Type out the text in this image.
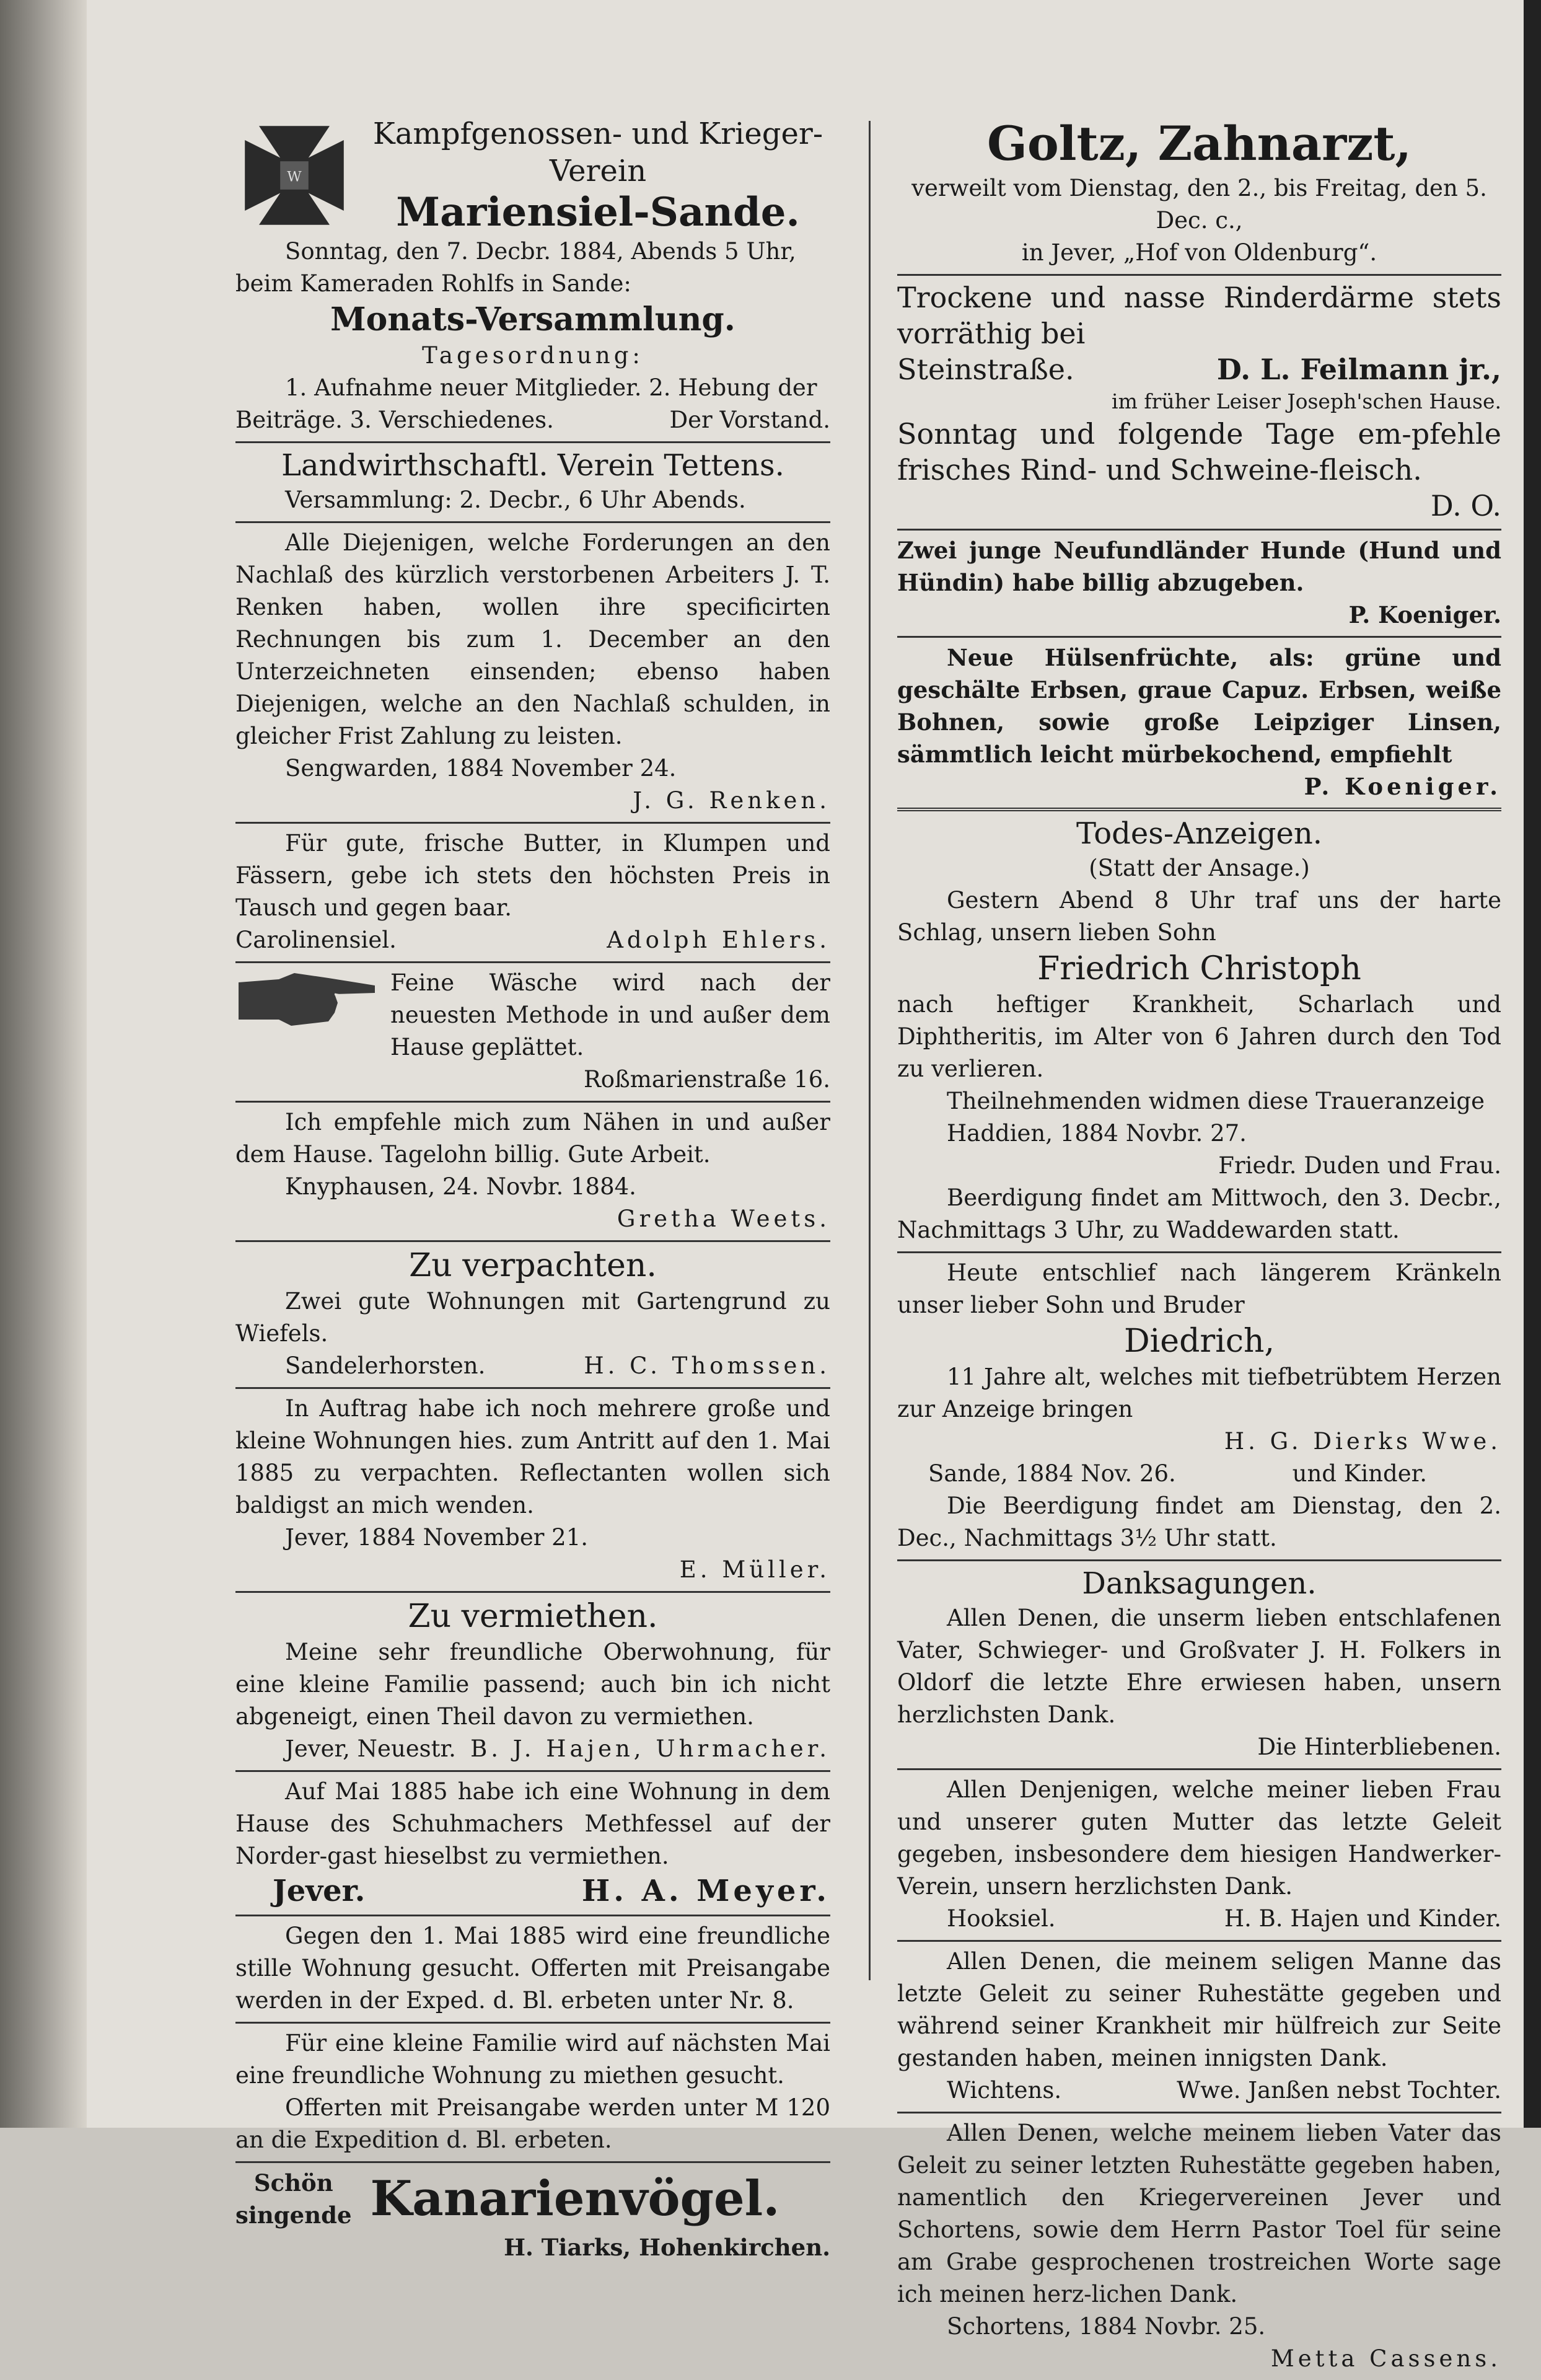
W

Kampfgenossen- und Krieger-

Verein

Mariensiel-Sande.

Sonntag, den 7. Decbr. 1884, Abends 5 Uhr,

beim Kameraden Rohlfs in Sande:

Monats-Versammlung.

Tagesordnung:

1. Aufnahme neuer Mitglieder. 2. Hebung der

Beiträge. 3. Verschiedenes.	Der Vorstand.

Landwirthschaftl. Verein Tettens.

Versammlung: 2. Decbr., 6 Uhr Abends.

Alle Diejenigen, welche Forderungen an den Nachlaß des kürzlich verstorbenen Arbeiters J. T. Renken haben, wollen ihre specificirten Rechnungen bis zum 1. December an den Unterzeichneten einsenden; ebenso haben Diejenigen, welche an den Nachlaß schulden, in gleicher Frist Zahlung zu leisten.

Sengwarden, 1884 November 24.

J. G. Renken.

Für gute, frische Butter, in Klumpen und Fässern, gebe ich stets den höchsten Preis in Tausch und gegen baar.

Carolinensiel.	Adolph Ehlers.

Feine Wäsche wird nach der neuesten Methode in und außer dem Hause geplättet.

Roßmarienstraße 16.

Ich empfehle mich zum Nähen in und außer dem Hause. Tagelohn billig. Gute Arbeit.

Knyphausen, 24. Novbr. 1884.

Gretha Weets.

Zu verpachten.

Zwei gute Wohnungen mit Gartengrund zu Wiefels.

Sandelerhorsten.	H. C. Thomssen.

In Auftrag habe ich noch mehrere große und kleine Wohnungen hies. zum Antritt auf den 1. Mai 1885 zu verpachten. Reflectanten wollen sich baldigst an mich wenden.

Jever, 1884 November 21.

E. Müller.

Zu vermiethen.

Meine sehr freundliche Oberwohnung, für eine kleine Familie passend; auch bin ich nicht abgeneigt, einen Theil davon zu vermiethen.

Jever, Neuestr. B. J. Hajen, Uhrmacher.

Auf Mai 1885 habe ich eine Wohnung in dem Hause des Schuhmachers Methfessel auf der Norder-gast hieselbst zu vermiethen.

Jever.	H. A. Meyer.

Gegen den 1. Mai 1885 wird eine freundliche stille Wohnung gesucht. Offerten mit Preisangabe werden in der Exped. d. Bl. erbeten unter Nr. 8.

Für eine kleine Familie wird auf nächsten Mai eine freundliche Wohnung zu miethen gesucht.

Offerten mit Preisangabe werden unter M 120 an die Expedition d. Bl. erbeten.

Schön

singende Kanarienvögel.

H. Tiarks, Hohenkirchen.

Goltz, Zahnarzt,

verweilt vom Dienstag, den 2., bis Freitag, den 5. Dec. c.,

in Jever, „Hof von Oldenburg“.

Trockene und nasse Rinderdärme stets vorräthig bei

Steinstraße.	D. L. Feilmann jr.,

im früher Leiser Joseph'schen Hause.

Sonntag und folgende Tage em-pfehle frisches Rind- und Schweine-fleisch.

D. O.

Zwei junge Neufundländer Hunde (Hund und Hündin) habe billig abzugeben.

P. Koeniger.

Neue Hülsenfrüchte, als: grüne und geschälte Erbsen, graue Capuz. Erbsen, weiße Bohnen, sowie große Leipziger Linsen, sämmtlich leicht mürbekochend, empfiehlt

P. Koeniger.

Todes-Anzeigen.

(Statt der Ansage.)

Gestern Abend 8 Uhr traf uns der harte Schlag, unsern lieben Sohn

Friedrich Christoph

nach heftiger Krankheit, Scharlach und Diphtheritis, im Alter von 6 Jahren durch den Tod zu verlieren.

Theilnehmenden widmen diese Traueranzeige

Haddien, 1884 Novbr. 27.

Friedr. Duden und Frau.

Beerdigung findet am Mittwoch, den 3. Decbr., Nachmittags 3 Uhr, zu Waddewarden statt.

Heute entschlief nach längerem Kränkeln unser lieber Sohn und Bruder

Diedrich,

11 Jahre alt, welches mit tiefbetrübtem Herzen zur Anzeige bringen

H. G. Dierks Wwe.

Sande, 1884 Nov. 26.	und Kinder.

Die Beerdigung findet am Dienstag, den 2. Dec., Nachmittags 3½ Uhr statt.

Danksagungen.

Allen Denen, die unserm lieben entschlafenen Vater, Schwieger- und Großvater J. H. Folkers in Oldorf die letzte Ehre erwiesen haben, unsern herzlichsten Dank.

Die Hinterbliebenen.

Allen Denjenigen, welche meiner lieben Frau und unserer guten Mutter das letzte Geleit gegeben, insbesondere dem hiesigen Handwerker-Verein, unsern herzlichsten Dank.

Hooksiel.	H. B. Hajen und Kinder.

Allen Denen, die meinem seligen Manne das letzte Geleit zu seiner Ruhestätte gegeben und während seiner Krankheit mir hülfreich zur Seite gestanden haben, meinen innigsten Dank.

Wichtens.	Wwe. Janßen nebst Tochter.

Allen Denen, welche meinem lieben Vater das Geleit zu seiner letzten Ruhestätte gegeben haben, namentlich den Kriegervereinen Jever und Schortens, sowie dem Herrn Pastor Toel für seine am Grabe gesprochenen trostreichen Worte sage ich meinen herz-lichen Dank.

Schortens, 1884 Novbr. 25.

Metta Cassens.
